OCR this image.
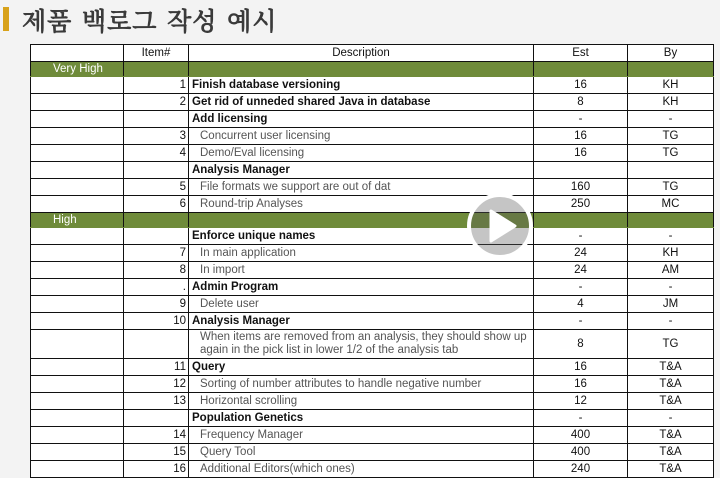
제품 백로그 작성 예시
	Item#	Description	Est	By
Very High				
	1	Finish database versioning	16	KH
	2	Get rid of unneded shared Java in database	8	KH
		Add licensing	-	-
	3	Concurrent user licensing	16	TG
	4	Demo/Eval licensing	16	TG
		Analysis Manager		
	5	File formats we support are out of dat	160	TG
	6	Round-trip Analyses	250	MC
High				
		Enforce unique names	-	-
	7	In main application	24	KH
	8	In import	24	AM
	.	Admin Program	-	-
	9	Delete user	4	JM
	10	Analysis Manager	-	-
		When items are removed from an analysis, they should show up again in the pick list in lower 1/2 of the analysis tab	8	TG
	11	Query	16	T&A
	12	Sorting of number attributes to handle negative number	16	T&A
	13	Horizontal scrolling	12	T&A
		Population Genetics	-	-
	14	Frequency Manager	400	T&A
	15	Query Tool	400	T&A
	16	Additional Editors(which ones)	240	T&A
